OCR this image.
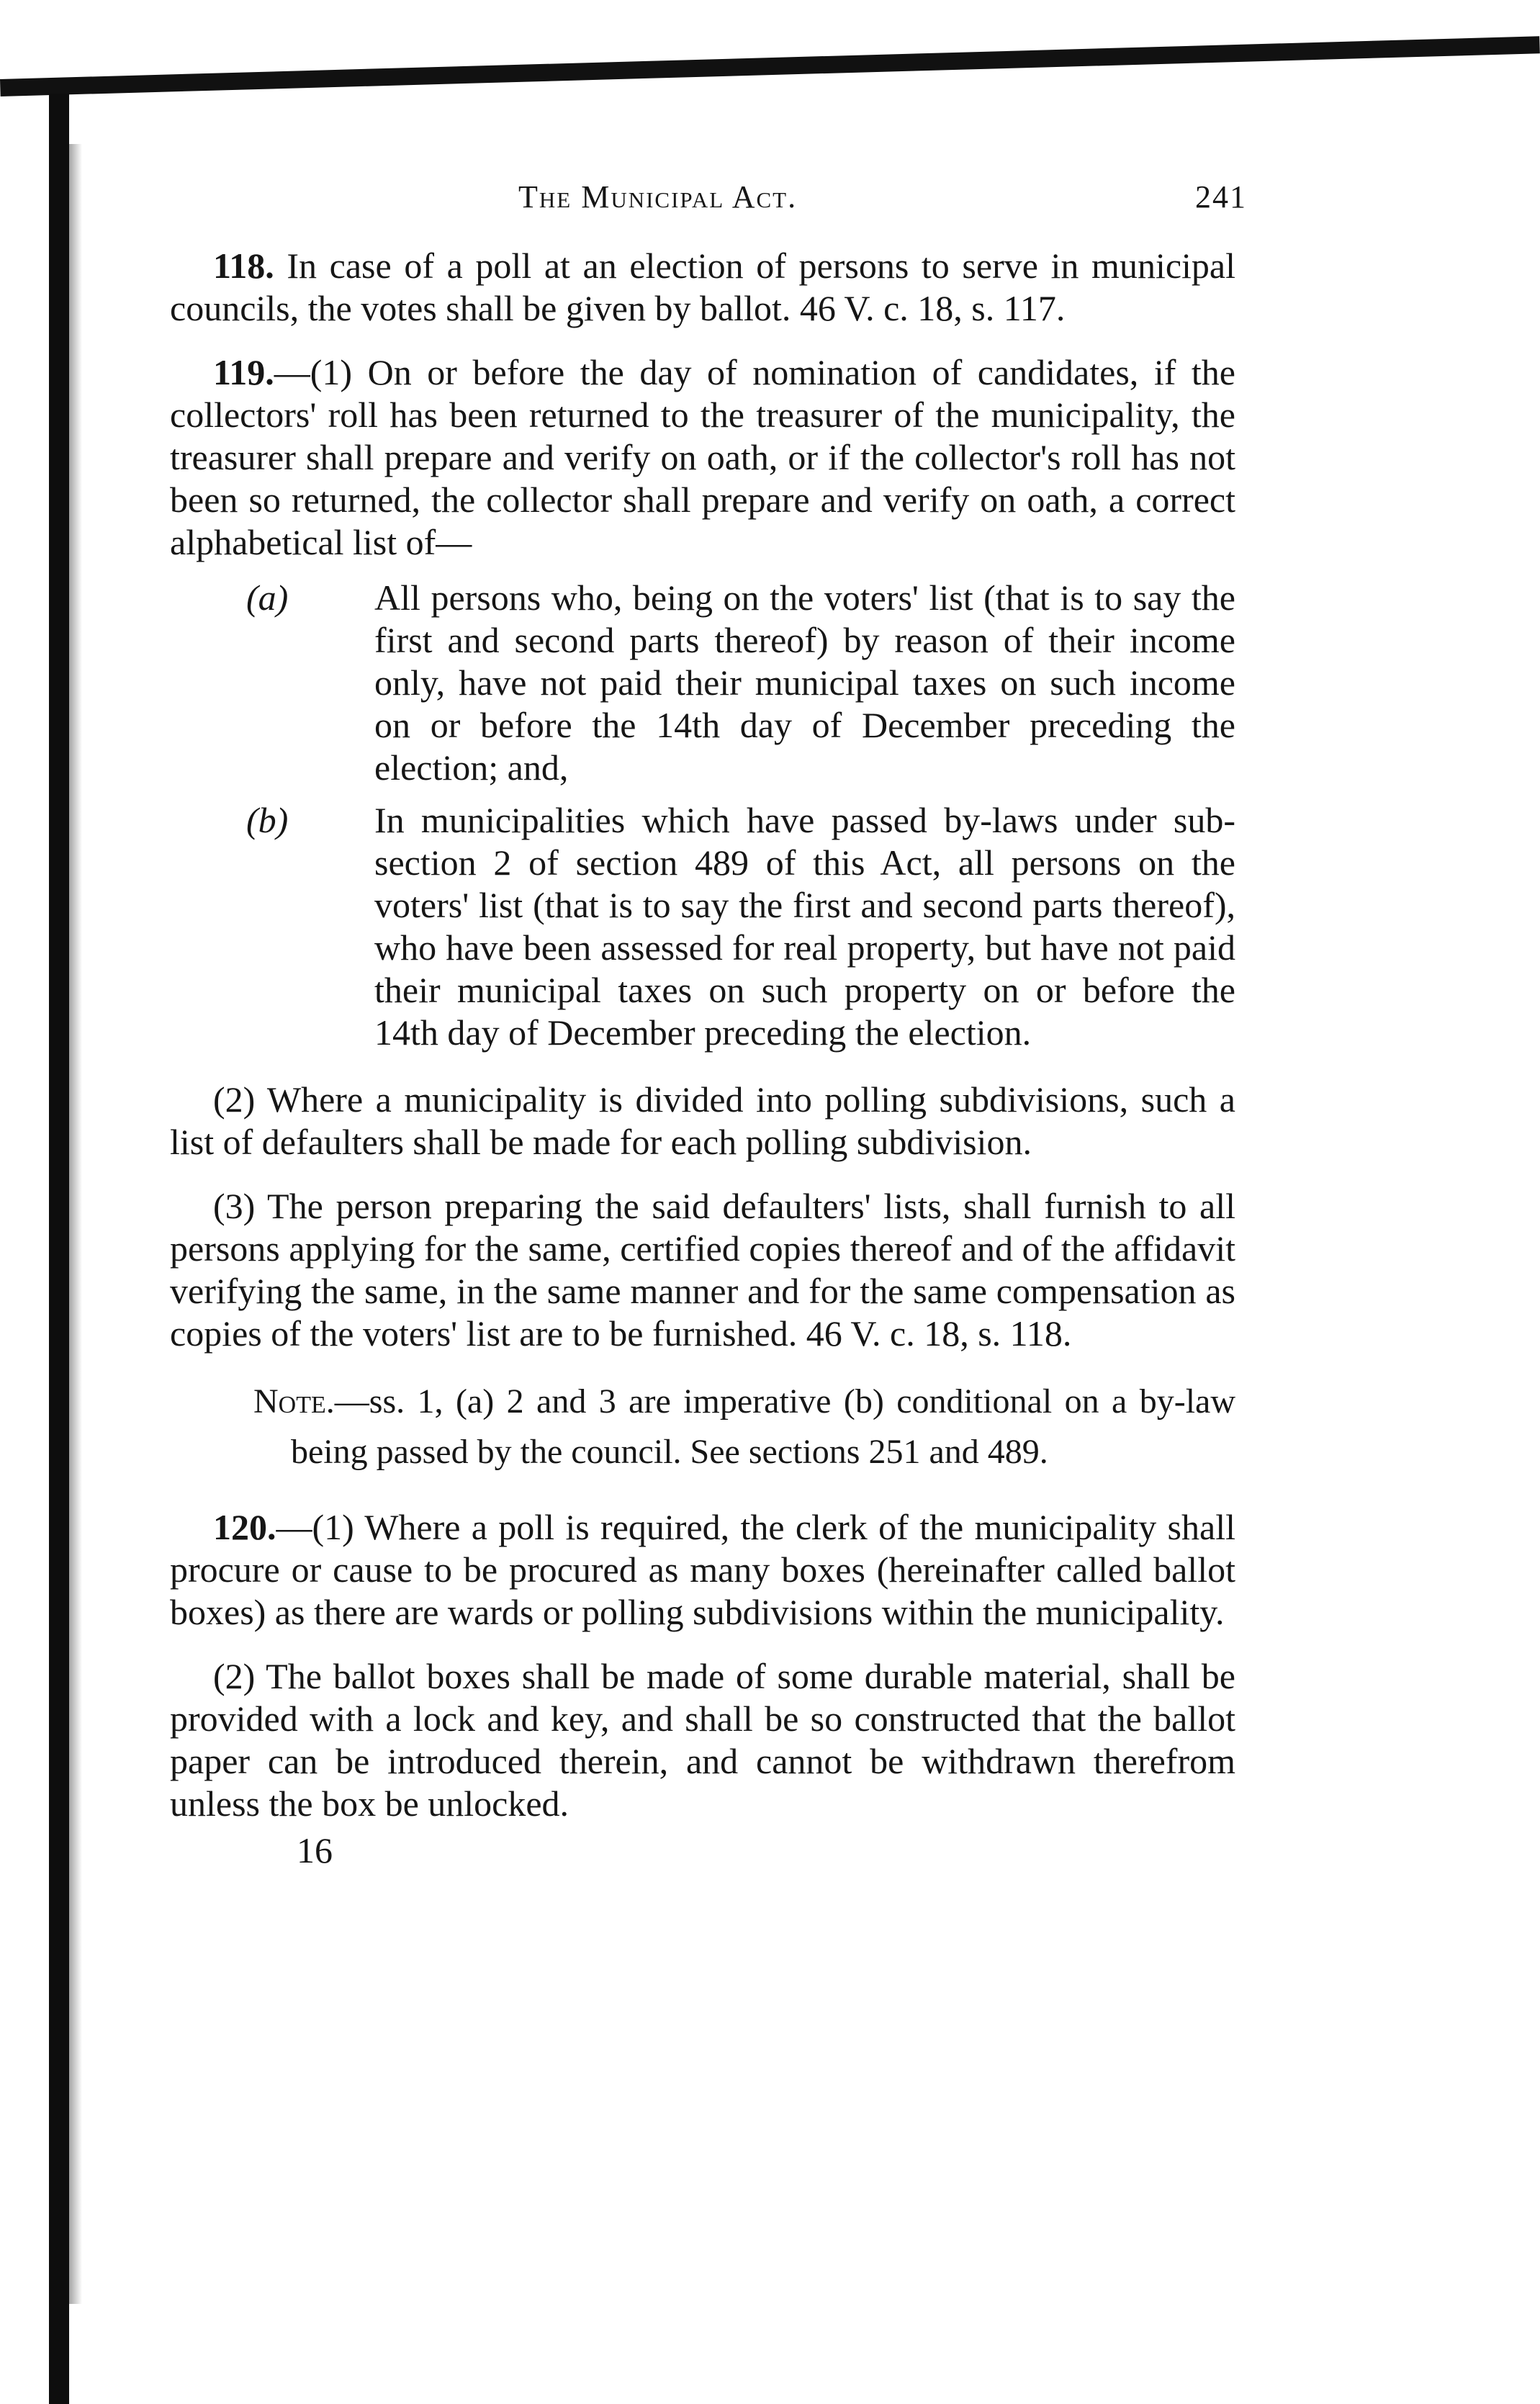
The Municipal Act.	241

118. In case of a poll at an election of persons to serve in municipal councils, the votes shall be given by ballot. 46 V. c. 18, s. 117.

119.—(1) On or before the day of nomination of candidates, if the collectors' roll has been returned to the treasurer of the municipality, the treasurer shall prepare and verify on oath, or if the collector's roll has not been so returned, the collector shall prepare and verify on oath, a correct alphabetical list of—

(a) All persons who, being on the voters' list (that is to say the first and second parts thereof) by reason of their income only, have not paid their municipal taxes on such income on or before the 14th day of December preceding the election; and,

(b) In municipalities which have passed by-laws under sub-section 2 of section 489 of this Act, all persons on the voters' list (that is to say the first and second parts thereof), who have been assessed for real property, but have not paid their municipal taxes on such property on or before the 14th day of December preceding the election.

(2) Where a municipality is divided into polling subdivisions, such a list of defaulters shall be made for each polling subdivision.

(3) The person preparing the said defaulters' lists, shall furnish to all persons applying for the same, certified copies thereof and of the affidavit verifying the same, in the same manner and for the same compensation as copies of the voters' list are to be furnished. 46 V. c. 18, s. 118.

Note.—ss. 1, (a) 2 and 3 are imperative (b) conditional on a by-law being passed by the council. See sections 251 and 489.

120.—(1) Where a poll is required, the clerk of the municipality shall procure or cause to be procured as many boxes (hereinafter called ballot boxes) as there are wards or polling subdivisions within the municipality.

(2) The ballot boxes shall be made of some durable material, shall be provided with a lock and key, and shall be so constructed that the ballot paper can be introduced therein, and cannot be withdrawn therefrom unless the box be unlocked.

16
